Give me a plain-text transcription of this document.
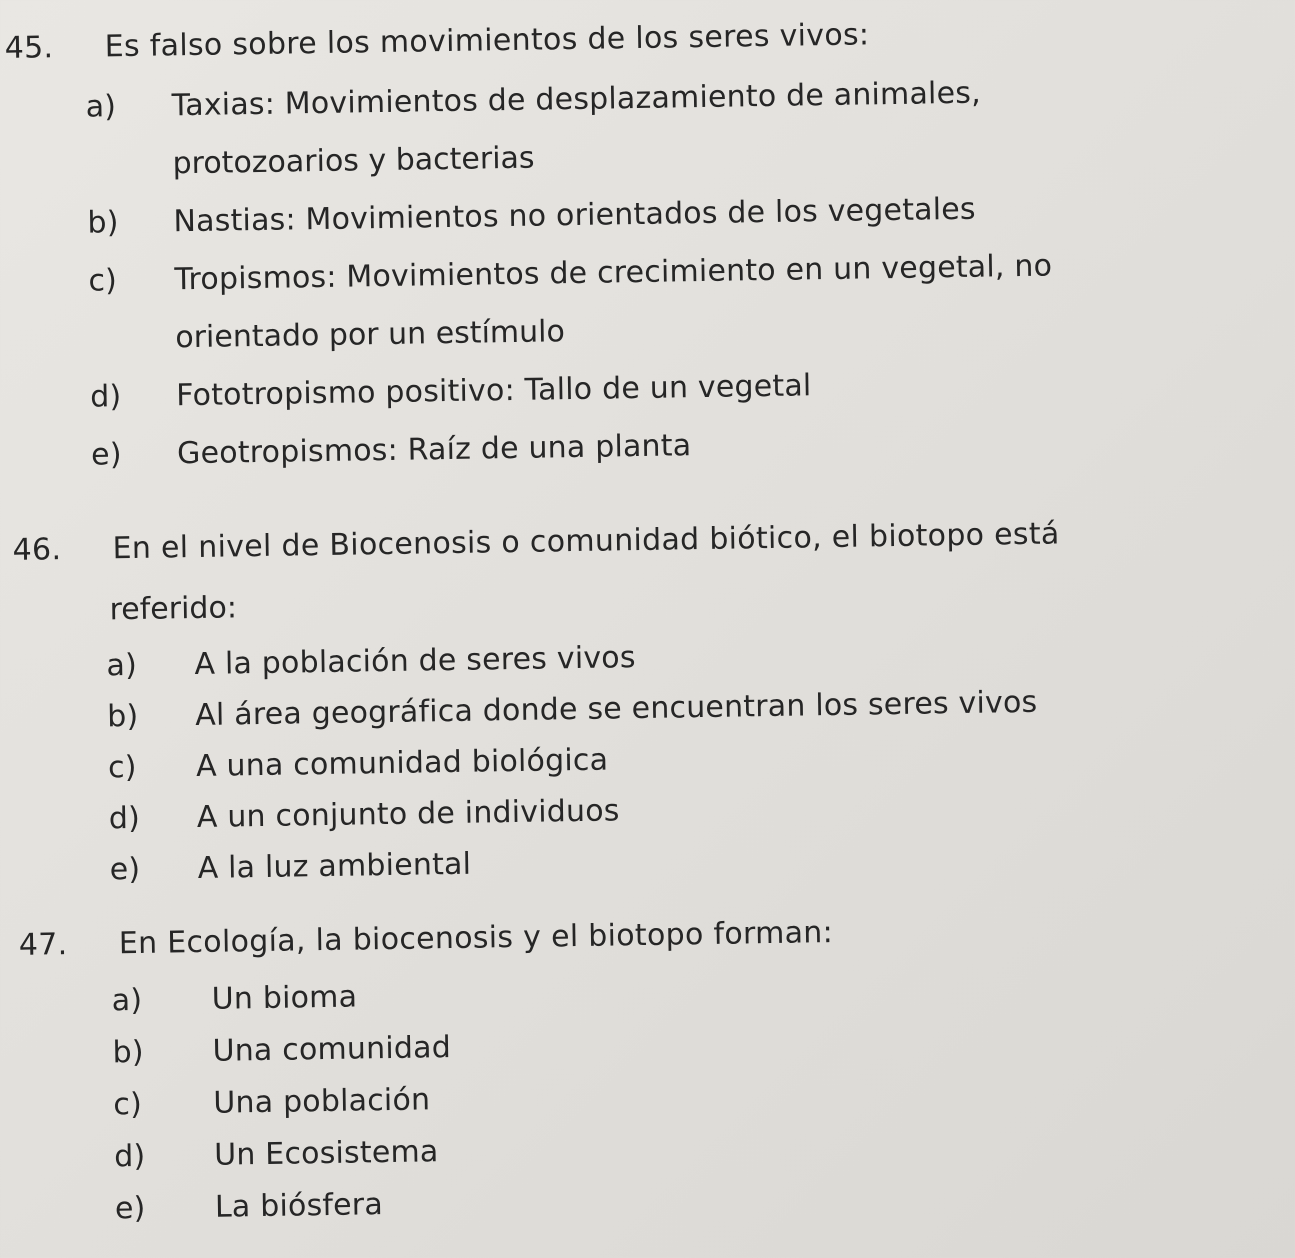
45.	Es falso sobre los movimientos de los seres vivos:
a)	Taxias: Movimientos de desplazamiento de animales,
protozoarios y bacterias
b)	Nastias: Movimientos no orientados de los vegetales
c)	Tropismos: Movimientos de crecimiento en un vegetal, no
orientado por un estímulo
d)	Fototropismo positivo: Tallo de un vegetal
e)	Geotropismos: Raíz de una planta
46.	En el nivel de Biocenosis o comunidad biótico, el biotopo está
referido:
a)	A la población de seres vivos
b)	Al área geográfica donde se encuentran los seres vivos
c)	A una comunidad biológica
d)	A un conjunto de individuos
e)	A la luz ambiental
47.	En Ecología, la biocenosis y el biotopo forman:
a)	Un bioma
b)	Una comunidad
c)	Una población
d)	Un Ecosistema
e)	La biósfera
